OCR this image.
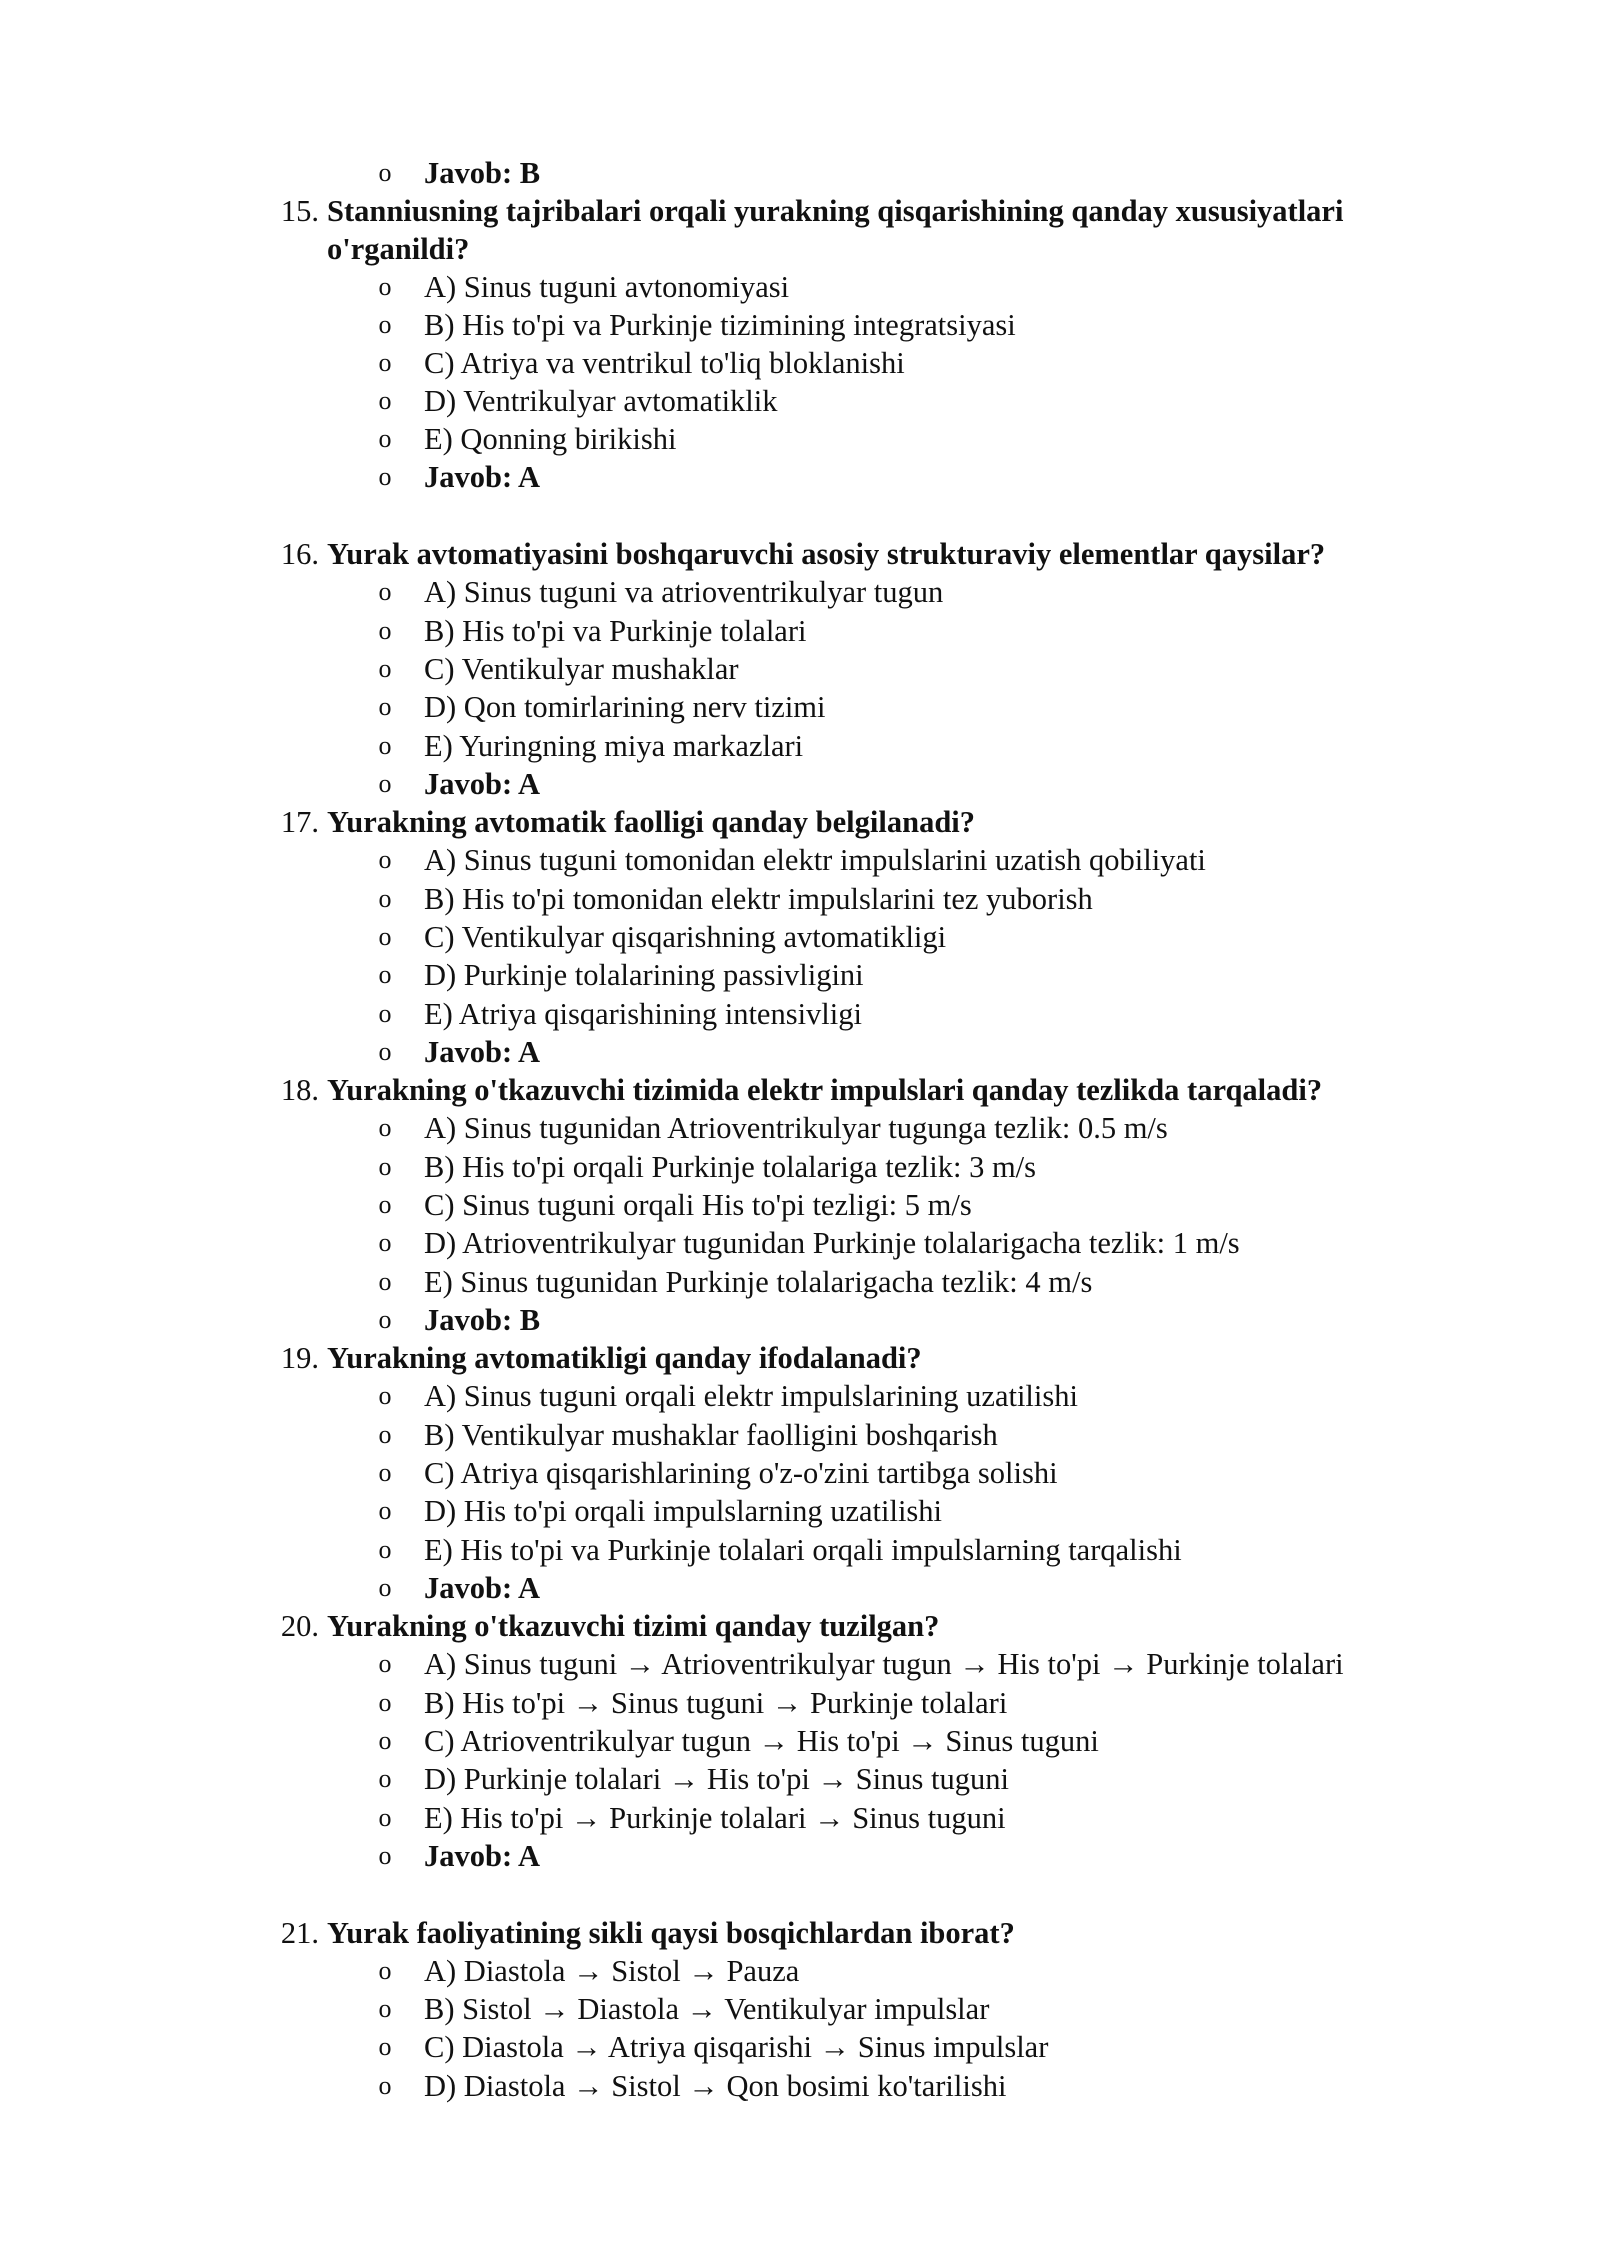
o Javob: B
15. Stanniusning tajribalari orqali yurakning qisqarishining qanday xususiyatlari
o'rganildi?
o A) Sinus tuguni avtonomiyasi
o B) His to'pi va Purkinje tizimining integratsiyasi
o C) Atriya va ventrikul to'liq bloklanishi
o D) Ventrikulyar avtomatiklik
o E) Qonning birikishi
o Javob: A
16. Yurak avtomatiyasini boshqaruvchi asosiy strukturaviy elementlar qaysilar?
o A) Sinus tuguni va atrioventrikulyar tugun
o B) His to'pi va Purkinje tolalari
o C) Ventikulyar mushaklar
o D) Qon tomirlarining nerv tizimi
o E) Yuringning miya markazlari
o Javob: A
17. Yurakning avtomatik faolligi qanday belgilanadi?
o A) Sinus tuguni tomonidan elektr impulslarini uzatish qobiliyati
o B) His to'pi tomonidan elektr impulslarini tez yuborish
o C) Ventikulyar qisqarishning avtomatikligi
o D) Purkinje tolalarining passivligini
o E) Atriya qisqarishining intensivligi
o Javob: A
18. Yurakning o'tkazuvchi tizimida elektr impulslari qanday tezlikda tarqaladi?
o A) Sinus tugunidan Atrioventrikulyar tugunga tezlik: 0.5 m/s
o B) His to'pi orqali Purkinje tolalariga tezlik: 3 m/s
o C) Sinus tuguni orqali His to'pi tezligi: 5 m/s
o D) Atrioventrikulyar tugunidan Purkinje tolalarigacha tezlik: 1 m/s
o E) Sinus tugunidan Purkinje tolalarigacha tezlik: 4 m/s
o Javob: B
19. Yurakning avtomatikligi qanday ifodalanadi?
o A) Sinus tuguni orqali elektr impulslarining uzatilishi
o B) Ventikulyar mushaklar faolligini boshqarish
o C) Atriya qisqarishlarining o'z-o'zini tartibga solishi
o D) His to'pi orqali impulslarning uzatilishi
o E) His to'pi va Purkinje tolalari orqali impulslarning tarqalishi
o Javob: A
20. Yurakning o'tkazuvchi tizimi qanday tuzilgan?
o A) Sinus tuguni → Atrioventrikulyar tugun → His to'pi → Purkinje tolalari
o B) His to'pi → Sinus tuguni → Purkinje tolalari
o C) Atrioventrikulyar tugun → His to'pi → Sinus tuguni
o D) Purkinje tolalari → His to'pi → Sinus tuguni
o E) His to'pi → Purkinje tolalari → Sinus tuguni
o Javob: A
21. Yurak faoliyatining sikli qaysi bosqichlardan iborat?
o A) Diastola → Sistol → Pauza
o B) Sistol → Diastola → Ventikulyar impulslar
o C) Diastola → Atriya qisqarishi → Sinus impulslar
o D) Diastola → Sistol → Qon bosimi ko'tarilishi
